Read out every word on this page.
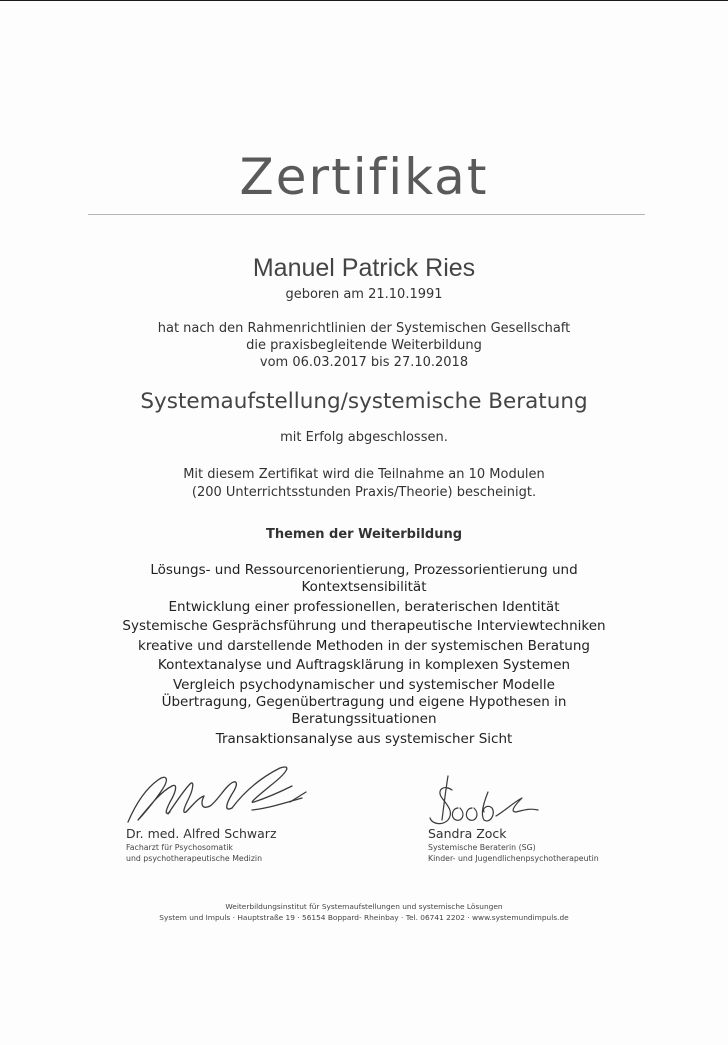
Zertifikat
Manuel Patrick Ries
geboren am 21.10.1991
hat nach den Rahmenrichtlinien der Systemischen Gesellschaft
die praxisbegleitende Weiterbildung
vom 06.03.2017 bis 27.10.2018
Systemaufstellung/systemische Beratung
mit Erfolg abgeschlossen.
Mit diesem Zertifikat wird die Teilnahme an 10 Modulen
(200 Unterrichtsstunden Praxis/Theorie) bescheinigt.
Themen der Weiterbildung
Lösungs- und Ressourcenorientierung, Prozessorientierung und
Kontextsensibilität
Entwicklung einer professionellen, beraterischen Identität
Systemische Gesprächsführung und therapeutische Interviewtechniken
kreative und darstellende Methoden in der systemischen Beratung
Kontextanalyse und Auftragsklärung in komplexen Systemen
Vergleich psychodynamischer und systemischer Modelle
Übertragung, Gegenübertragung und eigene Hypothesen in
Beratungssituationen
Transaktionsanalyse aus systemischer Sicht
Dr. med. Alfred Schwarz
Facharzt für Psychosomatik
und psychotherapeutische Medizin
Sandra Zock
Systemische Beraterin (SG)
Kinder- und Jugendlichenpsychotherapeutin
Weiterbildungsinstitut für Systemaufstellungen und systemische Lösungen
System und Impuls · Hauptstraße 19 · 56154 Boppard- Rheinbay · Tel. 06741 2202 · www.systemundimpuls.de
